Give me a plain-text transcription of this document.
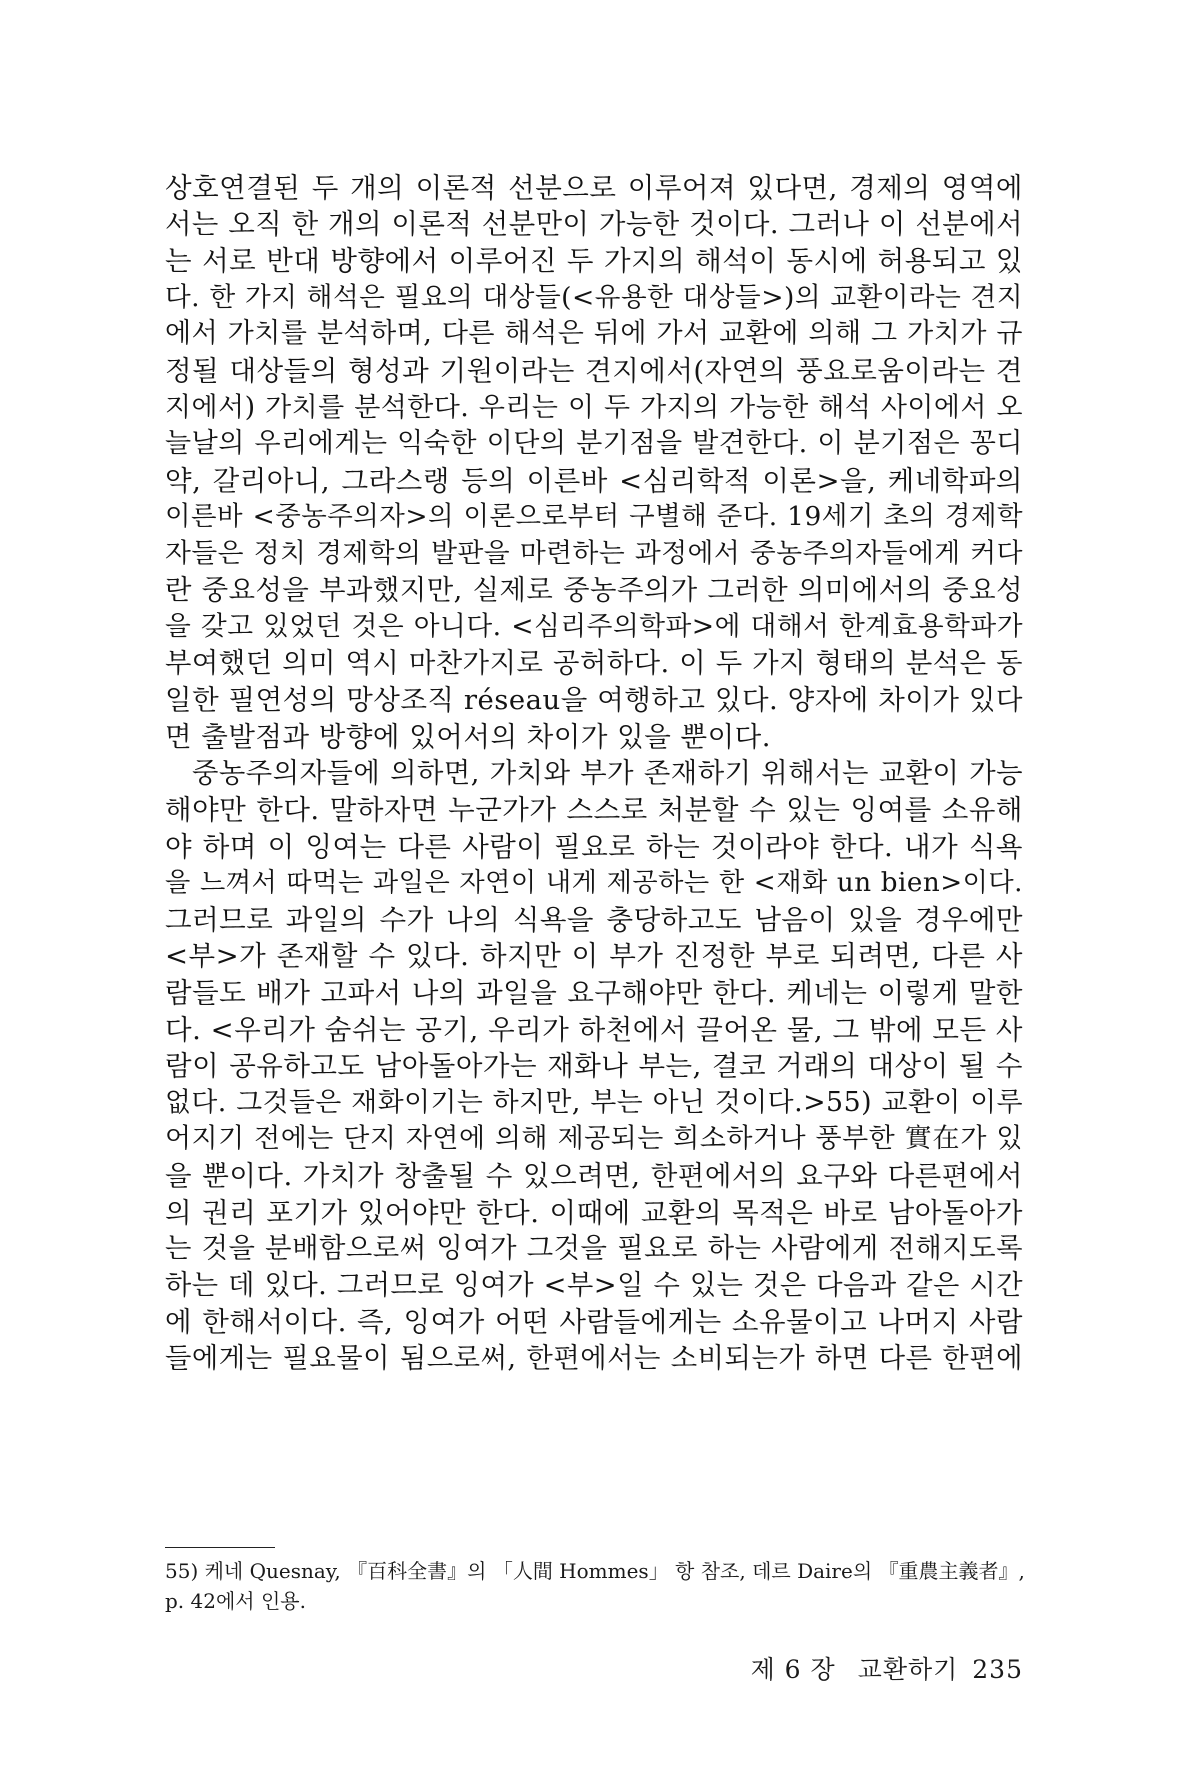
상호연결된 두 개의 이론적 선분으로 이루어져 있다면, 경제의 영역에
서는 오직 한 개의 이론적 선분만이 가능한 것이다. 그러나 이 선분에서
는 서로 반대 방향에서 이루어진 두 가지의 해석이 동시에 허용되고 있
다. 한 가지 해석은 필요의 대상들(<유용한 대상들>)의 교환이라는 견지
에서 가치를 분석하며, 다른 해석은 뒤에 가서 교환에 의해 그 가치가 규
정될 대상들의 형성과 기원이라는 견지에서(자연의 풍요로움이라는 견
지에서) 가치를 분석한다. 우리는 이 두 가지의 가능한 해석 사이에서 오
늘날의 우리에게는 익숙한 이단의 분기점을 발견한다. 이 분기점은 꽁디
약, 갈리아니, 그라스랭 등의 이른바 <심리학적 이론>을, 케네학파의
이른바 <중농주의자>의 이론으로부터 구별해 준다. 19세기 초의 경제학
자들은 정치 경제학의 발판을 마련하는 과정에서 중농주의자들에게 커다
란 중요성을 부과했지만, 실제로 중농주의가 그러한 의미에서의 중요성
을 갖고 있었던 것은 아니다. <심리주의학파>에 대해서 한계효용학파가
부여했던 의미 역시 마찬가지로 공허하다. 이 두 가지 형태의 분석은 동
일한 필연성의 망상조직 réseau을 여행하고 있다. 양자에 차이가 있다
면 출발점과 방향에 있어서의 차이가 있을 뿐이다.

중농주의자들에 의하면, 가치와 부가 존재하기 위해서는 교환이 가능
해야만 한다. 말하자면 누군가가 스스로 처분할 수 있는 잉여를 소유해
야 하며 이 잉여는 다른 사람이 필요로 하는 것이라야 한다. 내가 식욕
을 느껴서 따먹는 과일은 자연이 내게 제공하는 한 <재화 un bien>이다.
그러므로 과일의 수가 나의 식욕을 충당하고도 남음이 있을 경우에만
<부>가 존재할 수 있다. 하지만 이 부가 진정한 부로 되려면, 다른 사
람들도 배가 고파서 나의 과일을 요구해야만 한다. 케네는 이렇게 말한
다. <우리가 숨쉬는 공기, 우리가 하천에서 끌어온 물, 그 밖에 모든 사
람이 공유하고도 남아돌아가는 재화나 부는, 결코 거래의 대상이 될 수
없다. 그것들은 재화이기는 하지만, 부는 아닌 것이다.>55) 교환이 이루
어지기 전에는 단지 자연에 의해 제공되는 희소하거나 풍부한 實在가 있
을 뿐이다. 가치가 창출될 수 있으려면, 한편에서의 요구와 다른편에서
의 권리 포기가 있어야만 한다. 이때에 교환의 목적은 바로 남아돌아가
는 것을 분배함으로써 잉여가 그것을 필요로 하는 사람에게 전해지도록
하는 데 있다. 그러므로 잉여가 <부>일 수 있는 것은 다음과 같은 시간
에 한해서이다. 즉, 잉여가 어떤 사람들에게는 소유물이고 나머지 사람
들에게는 필요물이 됨으로써, 한편에서는 소비되는가 하면 다른 한편에

55) 케네 Quesnay, 『百科全書』의 「人間 Hommes」 항 참조, 데르 Daire의 『重農主義者』,
p. 42에서 인용.
제 6 장 교환하기 235
